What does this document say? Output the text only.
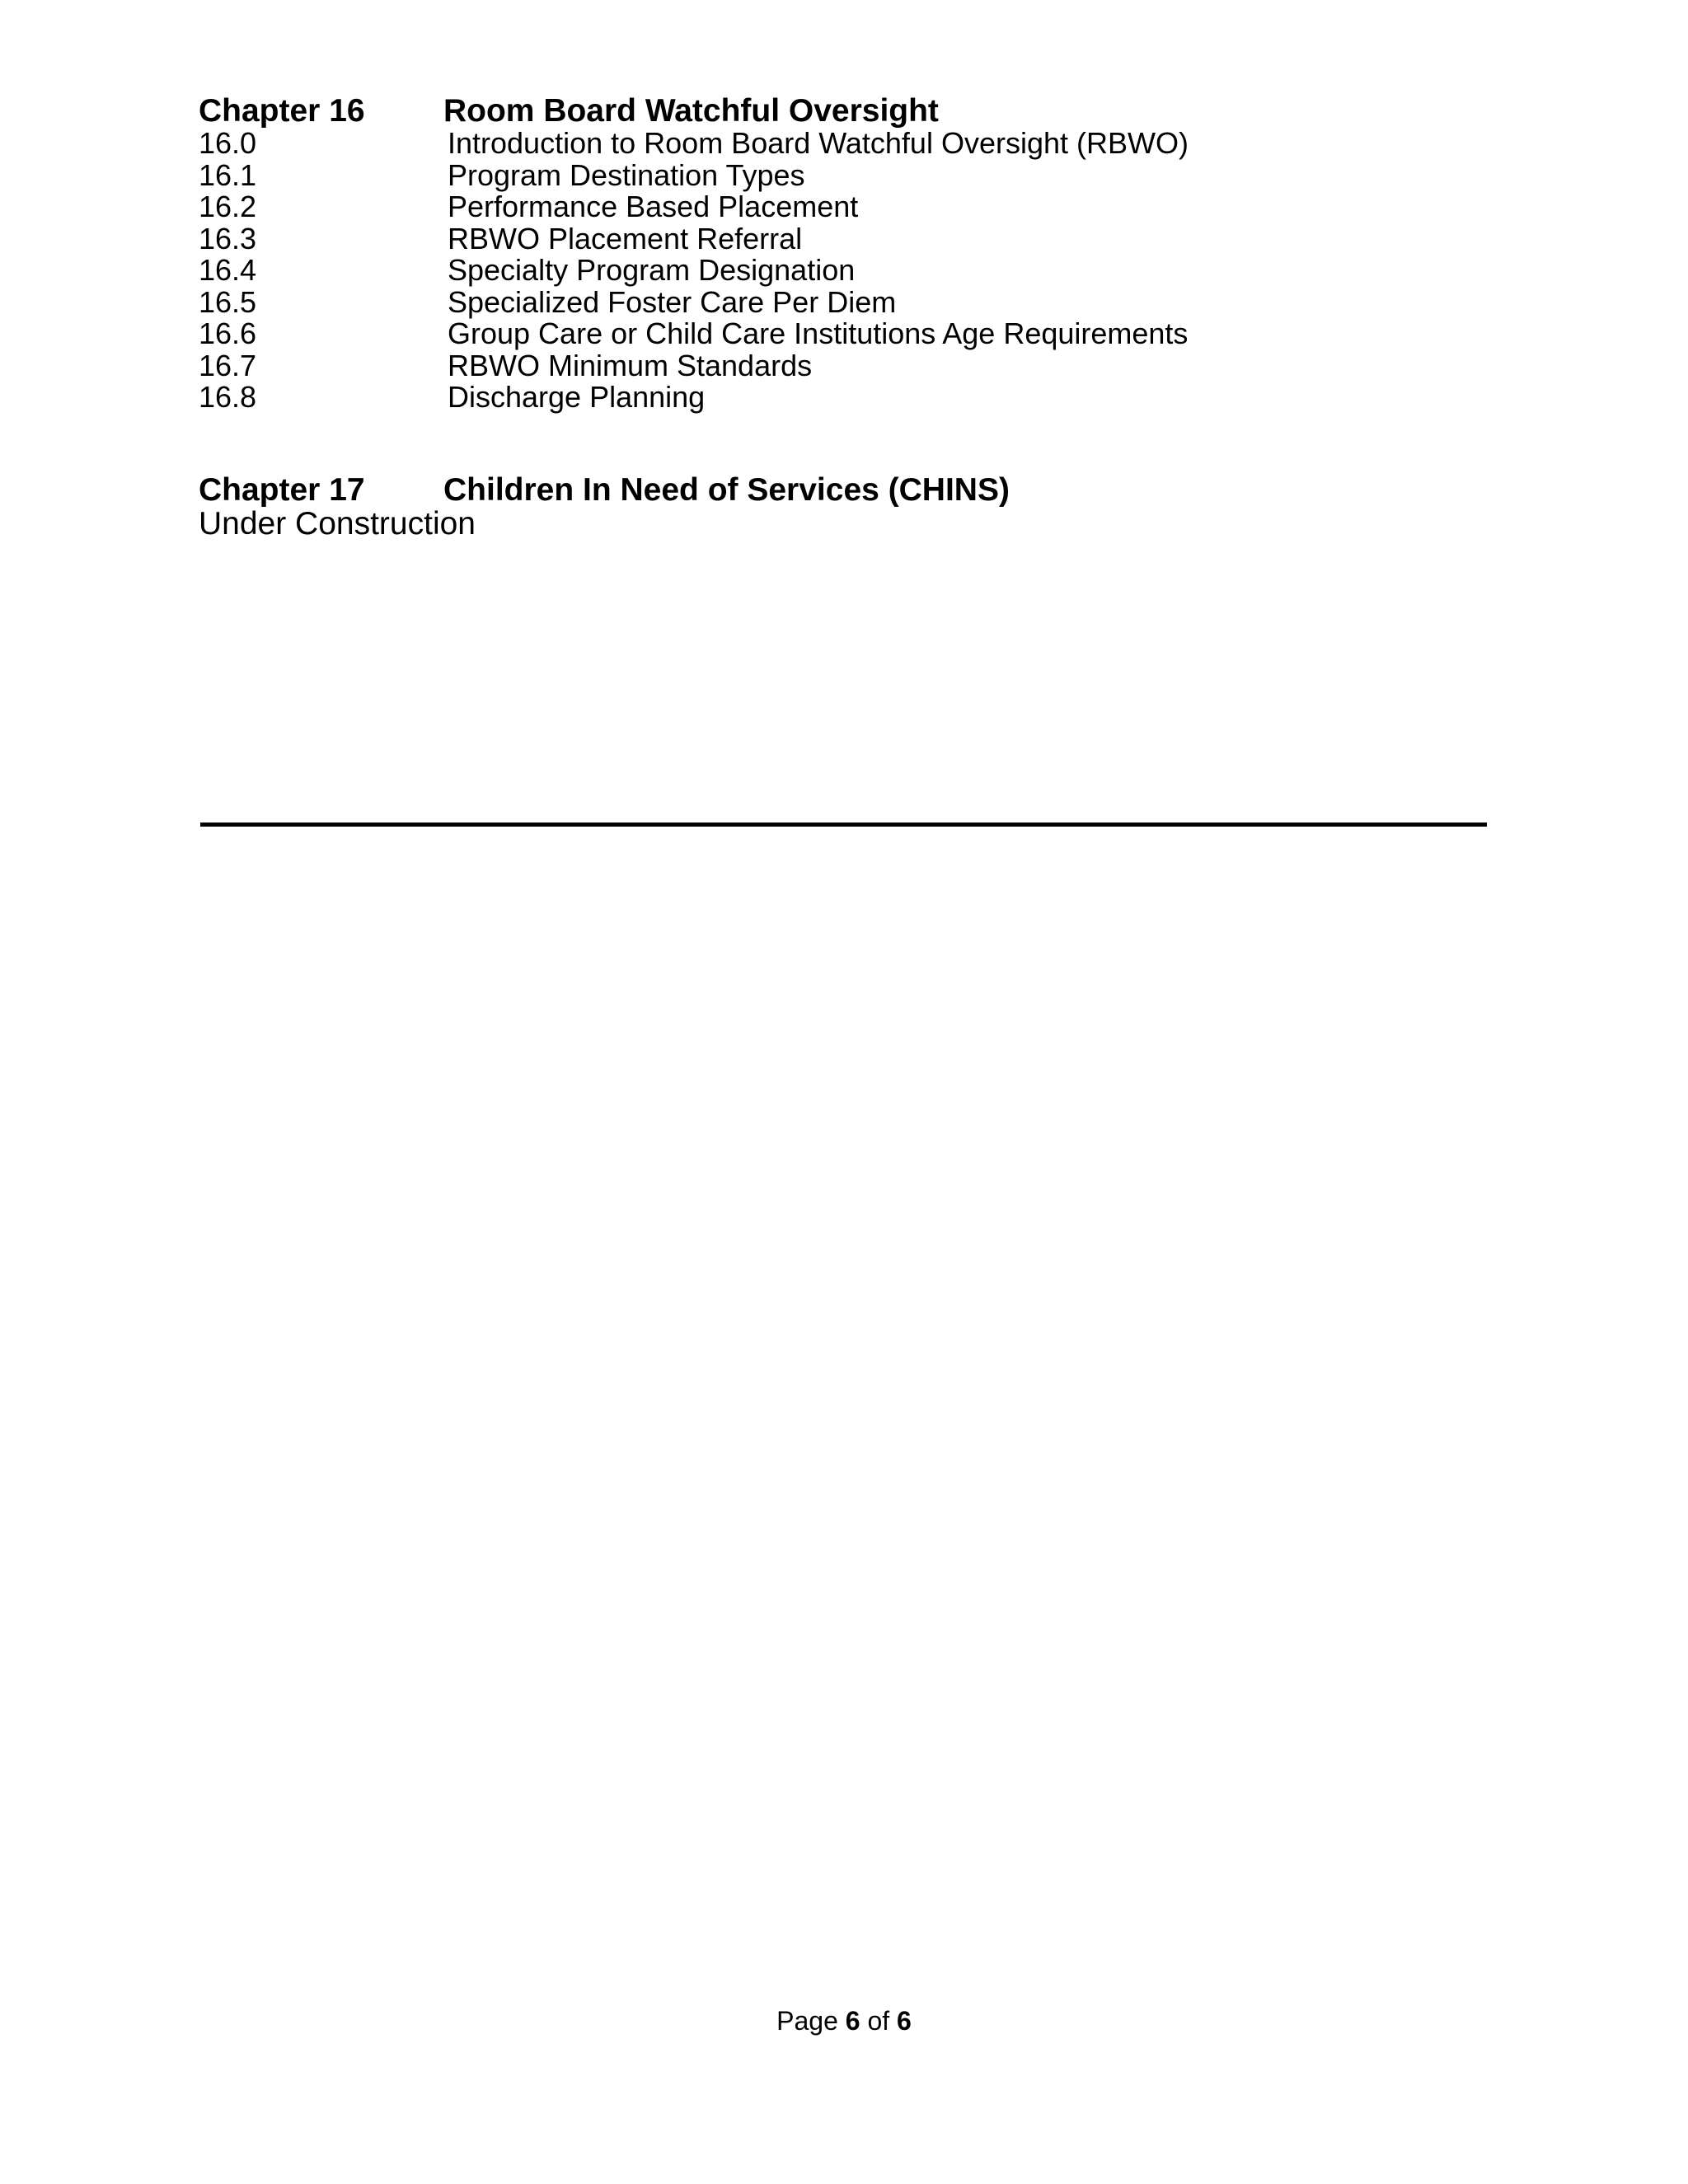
Chapter 16	Room Board Watchful Oversight
16.0	Introduction to Room Board Watchful Oversight (RBWO)
16.1	Program Destination Types
16.2	Performance Based Placement
16.3	RBWO Placement Referral
16.4	Specialty Program Designation
16.5	Specialized Foster Care Per Diem
16.6	Group Care or Child Care Institutions Age Requirements
16.7	RBWO Minimum Standards
16.8	Discharge Planning
Chapter 17	Children In Need of Services (CHINS)
Under Construction
Page 6 of 6
